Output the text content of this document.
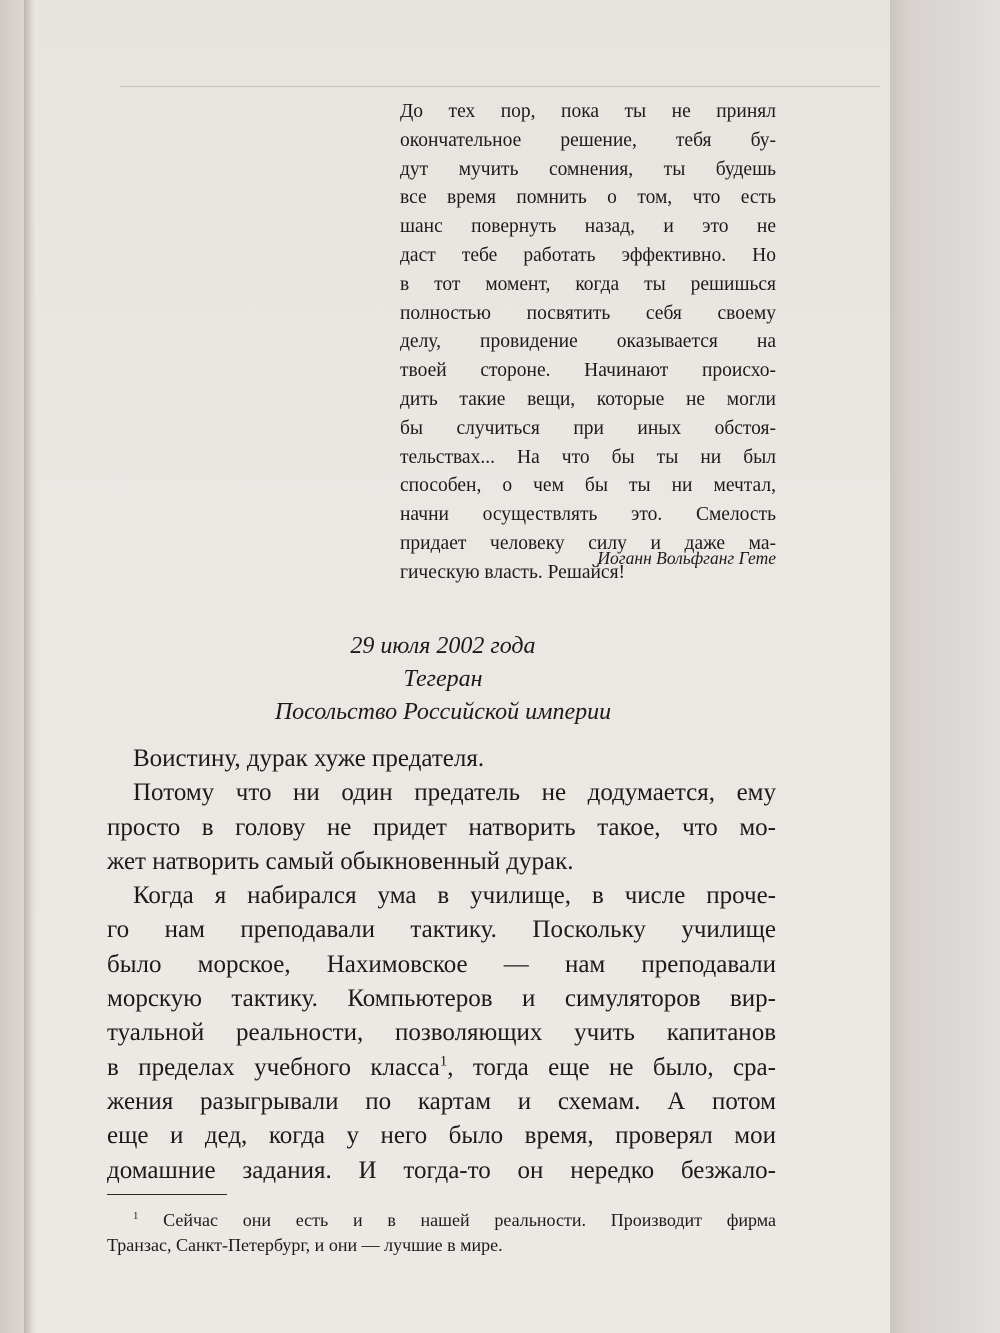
До тех пор, пока ты не принял
окончательное решение, тебя бу-
дут мучить сомнения, ты будешь
все время помнить о том, что есть
шанс повернуть назад, и это не
даст тебе работать эффективно. Но
в тот момент, когда ты решишься
полностью посвятить себя своему
делу, провидение оказывается на
твоей стороне. Начинают происхо-
дить такие вещи, которые не могли
бы случиться при иных обстоя-
тельствах... На что бы ты ни был
способен, о чем бы ты ни мечтал,
начни осуществлять это. Смелость
придает человеку силу и даже ма-
гическую власть. Решайся!
Иоганн Вольфганг Гете
29 июля 2002 года
Тегеран
Посольство Российской империи
Воистину, дурак хуже предателя.
Потому что ни один предатель не додумается, ему
просто в голову не придет натворить такое, что мо-
жет натворить самый обыкновенный дурак.
Когда я набирался ума в училище, в числе проче-
го нам преподавали тактику. Поскольку училище
было морское, Нахимовское — нам преподавали
морскую тактику. Компьютеров и симуляторов вир-
туальной реальности, позволяющих учить капитанов
в пределах учебного класса$^1$, тогда еще не было, сра-
жения разыгрывали по картам и схемам. А потом
еще и дед, когда у него было время, проверял мои
домашние задания. И тогда-то он нередко безжало-
$^1$ Сейчас они есть и в нашей реальности. Производит фирма
Транзас, Санкт-Петербург, и они — лучшие в мире.
